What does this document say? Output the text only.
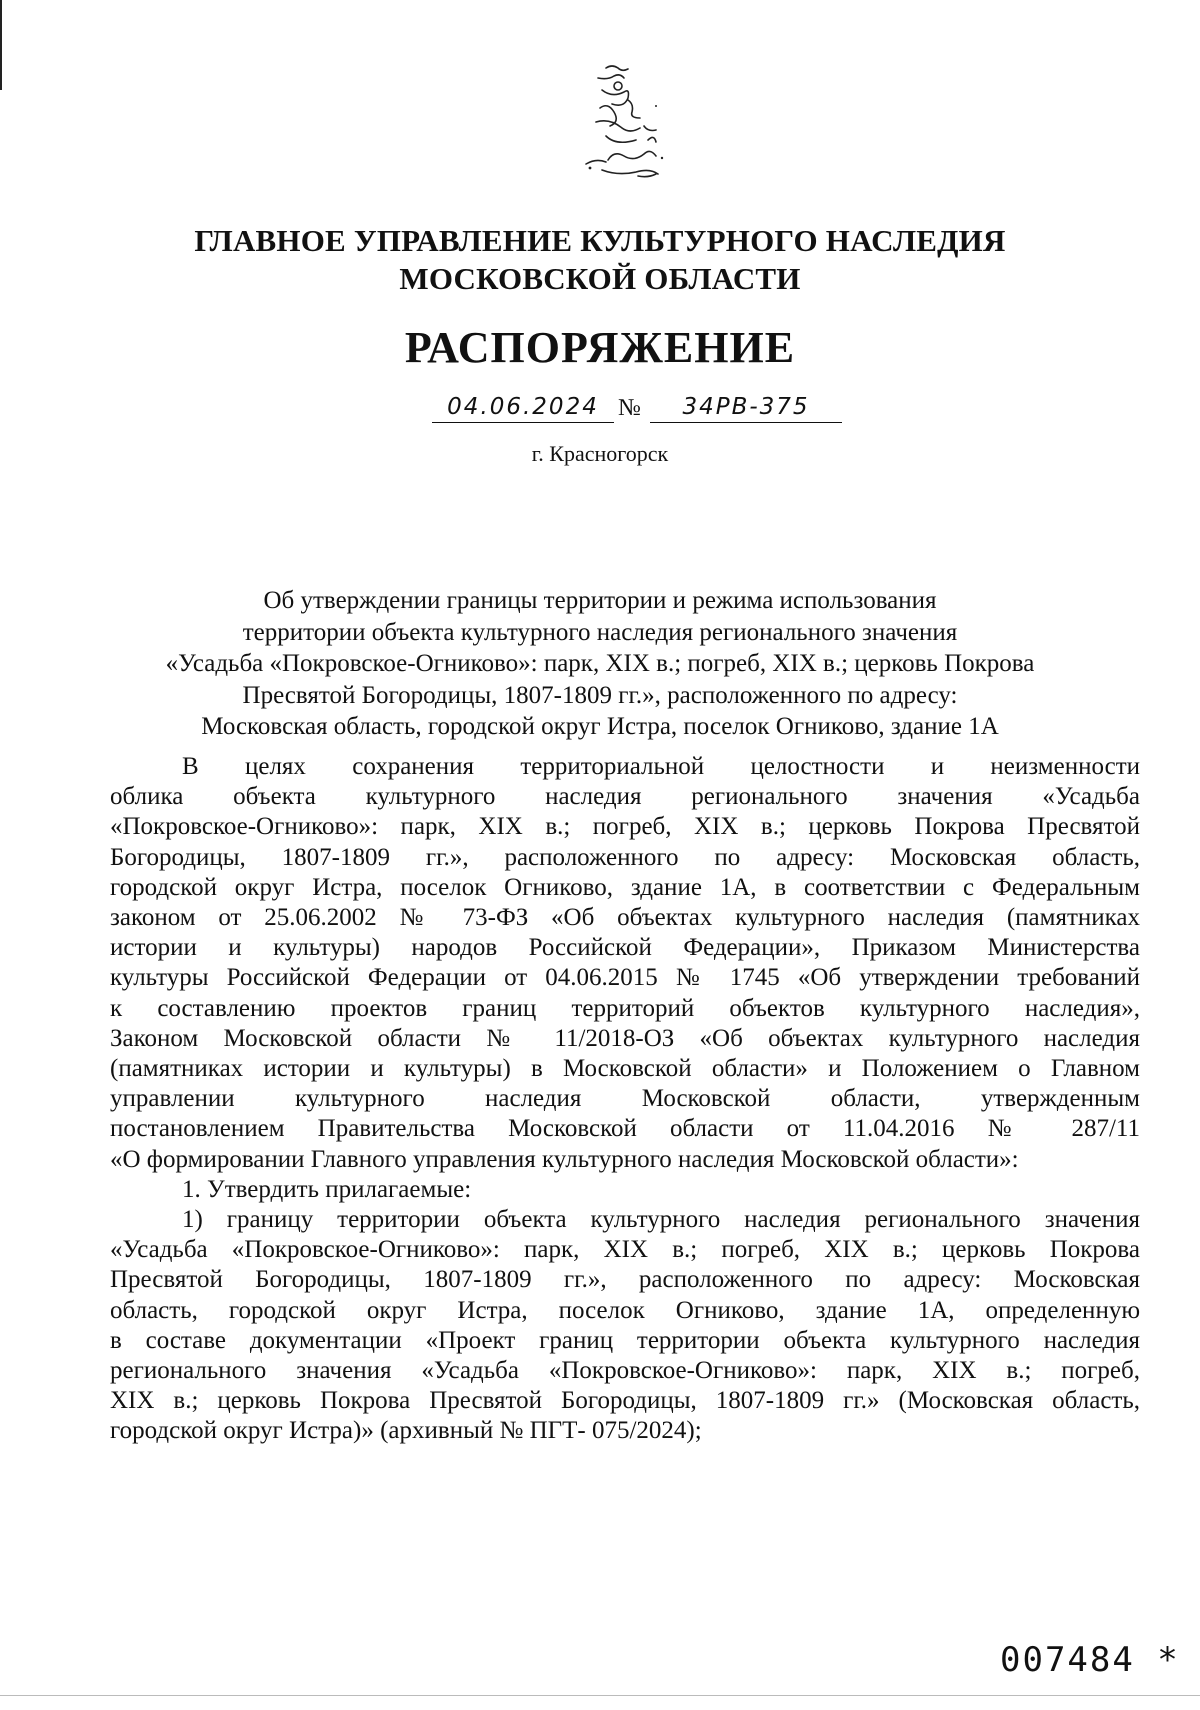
ГЛАВНОЕ УПРАВЛЕНИЕ КУЛЬТУРНОГО НАСЛЕДИЯ
МОСКОВСКОЙ ОБЛАСТИ
РАСПОРЯЖЕНИЕ
04.06.2024 №	34РВ-375
г. Красногорск
Об утверждении границы территории и режима использования
территории объекта культурного наследия регионального значения
«Усадьба «Покровское-Огниково»: парк, XIX в.; погреб, XIX в.; церковь Покрова
Пресвятой Богородицы, 1807-1809 гг.», расположенного по адресу:
Московская область, городской округ Истра, поселок Огниково, здание 1А
В целях сохранения территориальной целостности и неизменности
облика объекта культурного наследия регионального значения «Усадьба
«Покровское-Огниково»: парк, XIX в.; погреб, XIX в.; церковь Покрова Пресвятой
Богородицы, 1807-1809 гг.», расположенного по адресу: Московская область,
городской округ Истра, поселок Огниково, здание 1А, в соответствии с Федеральным
законом от 25.06.2002 № 73-ФЗ «Об объектах культурного наследия (памятниках
истории и культуры) народов Российской Федерации», Приказом Министерства
культуры Российской Федерации от 04.06.2015 № 1745 «Об утверждении требований
к составлению проектов границ территорий объектов культурного наследия»,
Законом Московской области № 11/2018-ОЗ «Об объектах культурного наследия
(памятниках истории и культуры) в Московской области» и Положением о Главном
управлении культурного наследия Московской области, утвержденным
постановлением Правительства Московской области от 11.04.2016 № 287/11
«О формировании Главного управления культурного наследия Московской области»:
1. Утвердить прилагаемые:
1) границу территории объекта культурного наследия регионального значения
«Усадьба «Покровское-Огниково»: парк, XIX в.; погреб, XIX в.; церковь Покрова
Пресвятой Богородицы, 1807-1809 гг.», расположенного по адресу: Московская
область, городской округ Истра, поселок Огниково, здание 1А, определенную
в составе документации «Проект границ территории объекта культурного наследия
регионального значения «Усадьба «Покровское-Огниково»: парк, XIX в.; погреб,
XIX в.; церковь Покрова Пресвятой Богородицы, 1807-1809 гг.» (Московская область,
городской округ Истра)» (архивный № ПГТ- 075/2024);
007484 *
